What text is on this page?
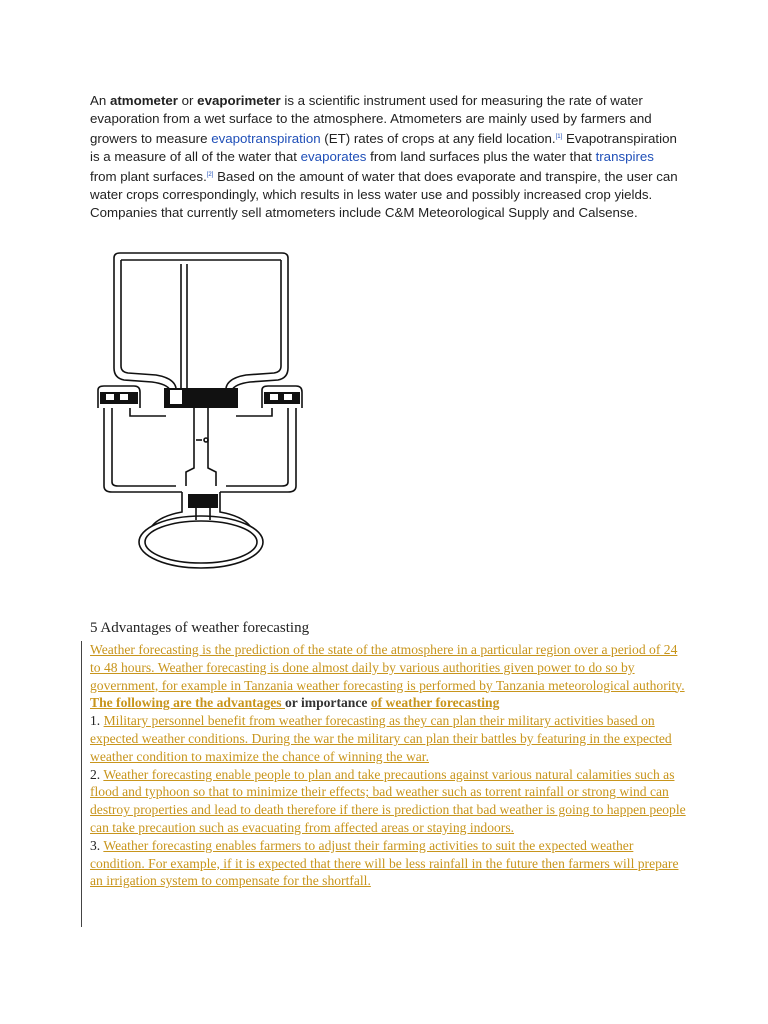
An atmometer or evaporimeter is a scientific instrument used for measuring the rate of water evaporation from a wet surface to the atmosphere. Atmometers are mainly used by farmers and growers to measure evapotranspiration (ET) rates of crops at any field location.[1] Evapotranspiration is a measure of all of the water that evaporates from land surfaces plus the water that transpires from plant surfaces.[2] Based on the amount of water that does evaporate and transpire, the user can water crops correspondingly, which results in less water use and possibly increased crop yields. Companies that currently sell atmometers include C&M Meteorological Supply and Calsense.

5 Advantages of weather forecasting

Weather forecasting is the prediction of the state of the atmosphere in a particular region over a period of 24 to 48 hours. Weather forecasting is done almost daily by various authorities given power to do so by government, for example in Tanzania weather forecasting is performed by Tanzania meteorological authority.

The following are the advantages or importance of weather forecasting

1. Military personnel benefit from weather forecasting as they can plan their military activities based on expected weather conditions. During the war the military can plan their battles by featuring in the expected weather condition to maximize the chance of winning the war.

2. Weather forecasting enable people to plan and take precautions against various natural calamities such as flood and typhoon so that to minimize their effects; bad weather such as torrent rainfall or strong wind can destroy properties and lead to death therefore if there is prediction that bad weather is going to happen people can take precaution such as evacuating from affected areas or staying indoors.

3. Weather forecasting enables farmers to adjust their farming activities to suit the expected weather condition. For example, if it is expected that there will be less rainfall in the future then farmers will prepare an irrigation system to compensate for the shortfall.
